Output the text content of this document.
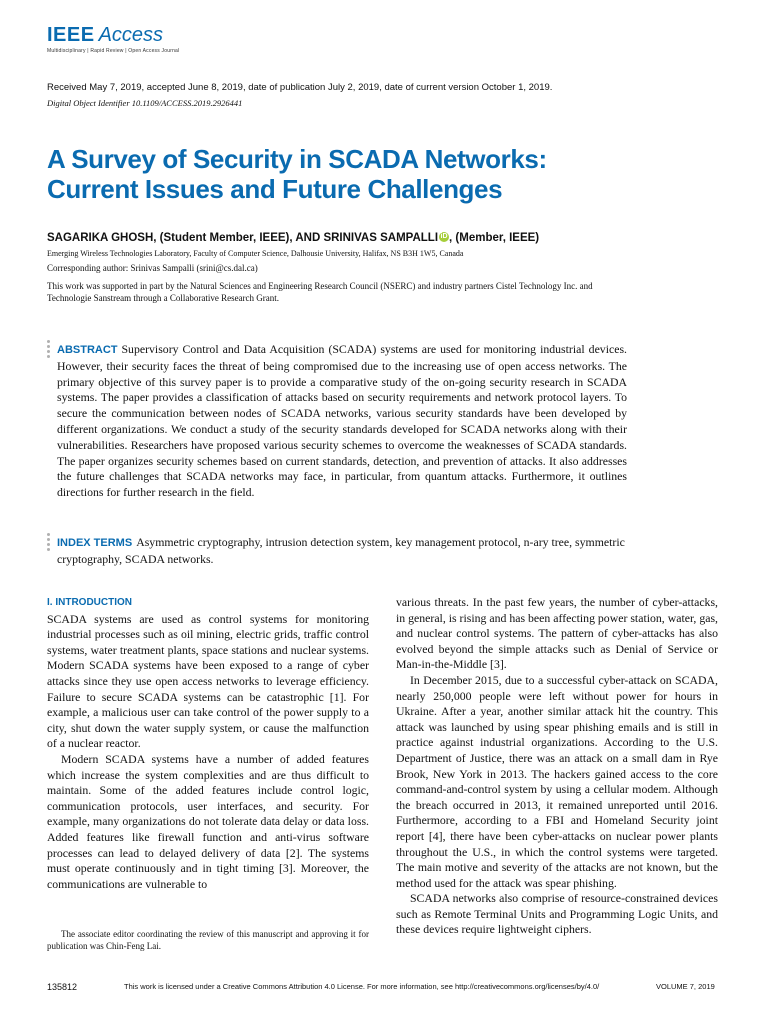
IEEE Access
Multidisciplinary | Rapid Review | Open Access Journal
Received May 7, 2019, accepted June 8, 2019, date of publication July 2, 2019, date of current version October 1, 2019.
Digital Object Identifier 10.1109/ACCESS.2019.2926441
A Survey of Security in SCADA Networks:
Current Issues and Future Challenges
SAGARIKA GHOSH, (Student Member, IEEE), AND SRINIVAS SAMPALLI iD , (Member, IEEE)
Emerging Wireless Technologies Laboratory, Faculty of Computer Science, Dalhousie University, Halifax, NS B3H 1W5, Canada
Corresponding author: Srinivas Sampalli (srini@cs.dal.ca)
This work was supported in part by the Natural Sciences and Engineering Research Council (NSERC) and industry partners Cistel Technology Inc. and Technologie Sanstream through a Collaborative Research Grant.
ABSTRACT Supervisory Control and Data Acquisition (SCADA) systems are used for monitoring industrial devices. However, their security faces the threat of being compromised due to the increasing use of open access networks. The primary objective of this survey paper is to provide a comparative study of the on-going security research in SCADA systems. The paper provides a classification of attacks based on security requirements and network protocol layers. To secure the communication between nodes of SCADA networks, various security standards have been developed by different organizations. We conduct a study of the security standards developed for SCADA networks along with their vulnerabilities. Researchers have proposed various security schemes to overcome the weaknesses of SCADA standards. The paper organizes security schemes based on current standards, detection, and prevention of attacks. It also addresses the future challenges that SCADA networks may face, in particular, from quantum attacks. Furthermore, it outlines directions for further research in the field.
INDEX TERMS Asymmetric cryptography, intrusion detection system, key management protocol, n-ary tree, symmetric cryptography, SCADA networks.
I. INTRODUCTION

SCADA systems are used as control systems for monitoring industrial processes such as oil mining, electric grids, traffic control systems, water treatment plants, space stations and nuclear systems. Modern SCADA systems have been exposed to a range of cyber attacks since they use open access networks to leverage efficiency. Failure to secure SCADA systems can be catastrophic [1]. For example, a malicious user can take control of the power supply to a city, shut down the water supply system, or cause the malfunction of a nuclear reactor.

Modern SCADA systems have a number of added features which increase the system complexities and are thus difficult to maintain. Some of the added features include control logic, communication protocols, user interfaces, and security. For example, many organizations do not tolerate data delay or data loss. Added features like firewall function and anti-virus software processes can lead to delayed delivery of data [2]. The systems must operate continuously and in tight timing [3]. Moreover, the communications are vulnerable to

various threats. In the past few years, the number of cyber-attacks, in general, is rising and has been affecting power station, water, gas, and nuclear control systems. The pattern of cyber-attacks has also evolved beyond the simple attacks such as Denial of Service or Man-in-the-Middle [3].

In December 2015, due to a successful cyber-attack on SCADA, nearly 250,000 people were left without power for hours in Ukraine. After a year, another similar attack hit the country. This attack was launched by using spear phishing emails and is still in practice against industrial organizations. According to the U.S. Department of Justice, there was an attack on a small dam in Rye Brook, New York in 2013. The hackers gained access to the core command-and-control system by using a cellular modem. Although the breach occurred in 2013, it remained unreported until 2016. Furthermore, according to a FBI and Homeland Security joint report [4], there have been cyber-attacks on nuclear power plants throughout the U.S., in which the control systems were targeted. The main motive and severity of the attacks are not known, but the method used for the attack was spear phishing.

SCADA networks also comprise of resource-constrained devices such as Remote Terminal Units and Programming Logic Units, and these devices require lightweight ciphers.

The associate editor coordinating the review of this manuscript and approving it for publication was Chin-Feng Lai.
135812	This work is licensed under a Creative Commons Attribution 4.0 License. For more information, see http://creativecommons.org/licenses/by/4.0/	VOLUME 7, 2019
